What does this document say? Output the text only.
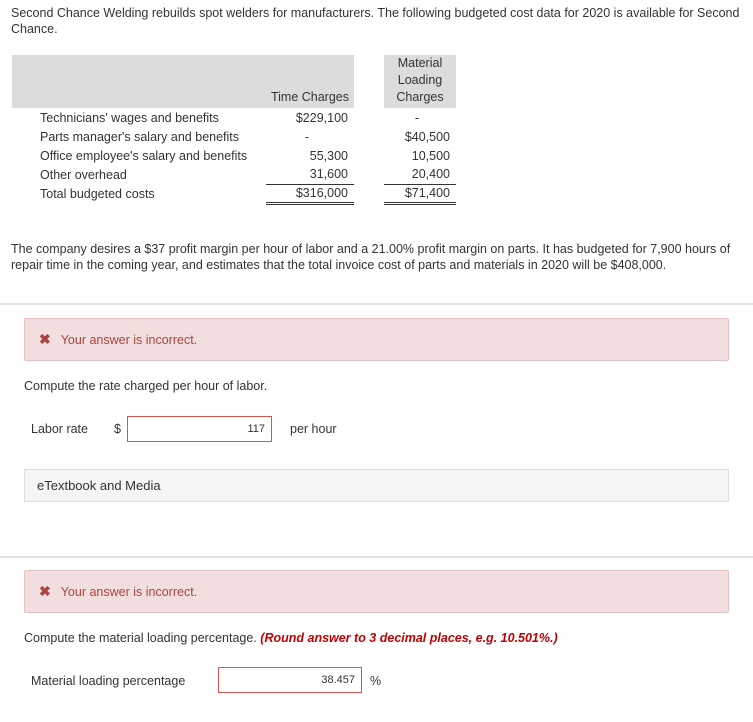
Second Chance Welding rebuilds spot welders for manufacturers. The following budgeted cost data for 2020 is available for Second Chance.
	Time Charges		Material Loading Charges
Technicians' wages and benefits	$229,100		-
Parts manager's salary and benefits	-		$40,500
Office employee's salary and benefits	55,300		10,500
Other overhead	31,600		20,400
Total budgeted costs	$316,000		$71,400
The company desires a $37 profit margin per hour of labor and a 21.00% profit margin on parts. It has budgeted for 7,900 hours of repair time in the coming year, and estimates that the total invoice cost of parts and materials in 2020 will be $408,000.
✖ Your answer is incorrect.
Compute the rate charged per hour of labor.
Labor rate $	117	per hour
eTextbook and Media
✖ Your answer is incorrect.
Compute the material loading percentage. (Round answer to 3 decimal places, e.g. 10.501%.)
Material loading percentage	38.457	%
